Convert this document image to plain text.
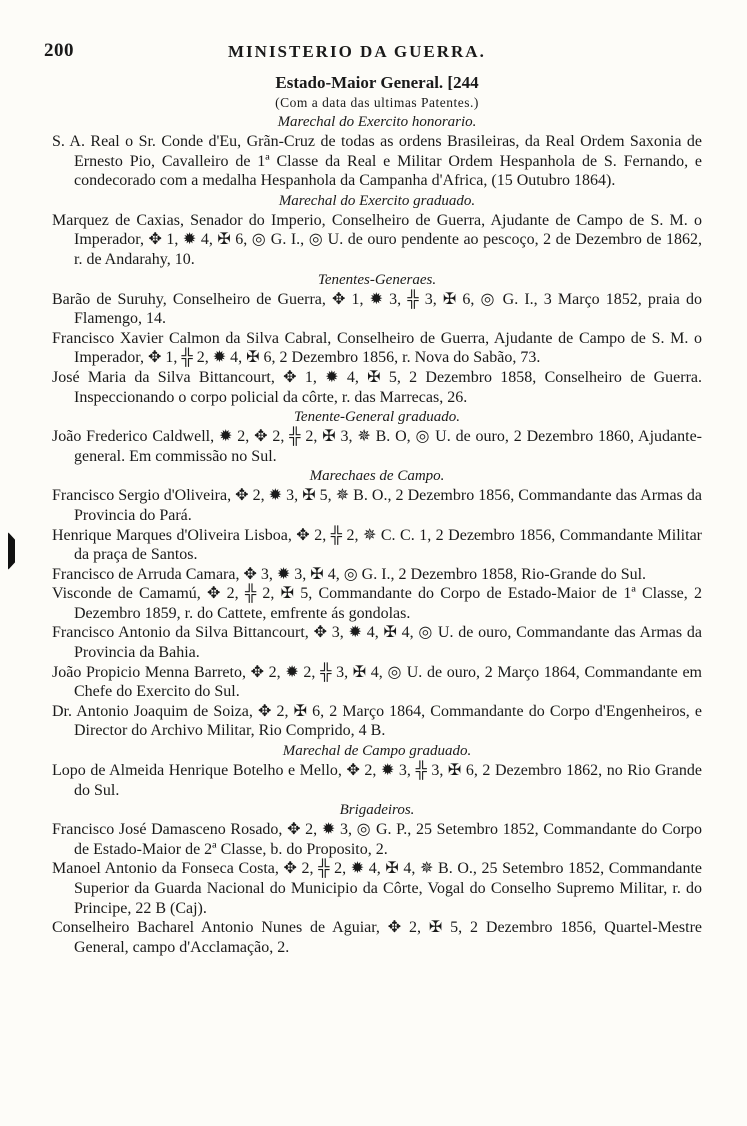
200	MINISTERIO DA GUERRA.
Estado-Maior General. [244
(Com a data das ultimas Patentes.)
Marechal do Exercito honorario.

S. A. Real o Sr. Conde d'Eu, Grãn-Cruz de todas as ordens Brasileiras, da Real Ordem Saxonia de Ernesto Pio, Cavalleiro de 1ª Classe da Real e Militar Ordem Hespanhola de S. Fernando, e condecorado com a medalha Hespanhola da Campanha d'Africa, (15 Outubro 1864).

Marechal do Exercito graduado.

Marquez de Caxias, Senador do Imperio, Conselheiro de Guerra, Ajudante de Campo de S. M. o Imperador, ✥ 1, ✹ 4, ✠ 6, ◎ G. I., ◎ U. de ouro pendente ao pescoço, 2 de Dezembro de 1862, r. de Andarahy, 10.

Tenentes-Generaes.

Barão de Suruhy, Conselheiro de Guerra, ✥ 1, ✹ 3, ╬ 3, ✠ 6, ◎ G. I., 3 Março 1852, praia do Flamengo, 14.

Francisco Xavier Calmon da Silva Cabral, Conselheiro de Guerra, Ajudante de Campo de S. M. o Imperador, ✥ 1, ╬ 2, ✹ 4, ✠ 6, 2 Dezembro 1856, r. Nova do Sabão, 73.

José Maria da Silva Bittancourt, ✥ 1, ✹ 4, ✠ 5, 2 Dezembro 1858, Conselheiro de Guerra. Inspeccionando o corpo policial da côrte, r. das Marrecas, 26.

Tenente-General graduado.

João Frederico Caldwell, ✹ 2, ✥ 2, ╬ 2, ✠ 3, ✵ B. O, ◎ U. de ouro, 2 Dezembro 1860, Ajudante-general. Em commissão no Sul.

Marechaes de Campo.

Francisco Sergio d'Oliveira, ✥ 2, ✹ 3, ✠ 5, ✵ B. O., 2 Dezembro 1856, Commandante das Armas da Provincia do Pará.

Henrique Marques d'Oliveira Lisboa, ✥ 2, ╬ 2, ✵ C. C. 1, 2 Dezembro 1856, Commandante Militar da praça de Santos.

Francisco de Arruda Camara, ✥ 3, ✹ 3, ✠ 4, ◎ G. I., 2 Dezembro 1858, Rio-Grande do Sul.

Visconde de Camamú, ✥ 2, ╬ 2, ✠ 5, Commandante do Corpo de Estado-Maior de 1ª Classe, 2 Dezembro 1859, r. do Cattete, emfrente ás gondolas.

Francisco Antonio da Silva Bittancourt, ✥ 3, ✹ 4, ✠ 4, ◎ U. de ouro, Commandante das Armas da Provincia da Bahia.

João Propicio Menna Barreto, ✥ 2, ✹ 2, ╬ 3, ✠ 4, ◎ U. de ouro, 2 Março 1864, Commandante em Chefe do Exercito do Sul.

Dr. Antonio Joaquim de Soiza, ✥ 2, ✠ 6, 2 Março 1864, Commandante do Corpo d'Engenheiros, e Director do Archivo Militar, Rio Comprido, 4 B.

Marechal de Campo graduado.

Lopo de Almeida Henrique Botelho e Mello, ✥ 2, ✹ 3, ╬ 3, ✠ 6, 2 Dezembro 1862, no Rio Grande do Sul.

Brigadeiros.

Francisco José Damasceno Rosado, ✥ 2, ✹ 3, ◎ G. P., 25 Setembro 1852, Commandante do Corpo de Estado-Maior de 2ª Classe, b. do Proposito, 2.

Manoel Antonio da Fonseca Costa, ✥ 2, ╬ 2, ✹ 4, ✠ 4, ✵ B. O., 25 Setembro 1852, Commandante Superior da Guarda Nacional do Municipio da Côrte, Vogal do Conselho Supremo Militar, r. do Principe, 22 B (Caj).

Conselheiro Bacharel Antonio Nunes de Aguiar, ✥ 2, ✠ 5, 2 Dezembro 1856, Quartel-Mestre General, campo d'Acclamação, 2.
